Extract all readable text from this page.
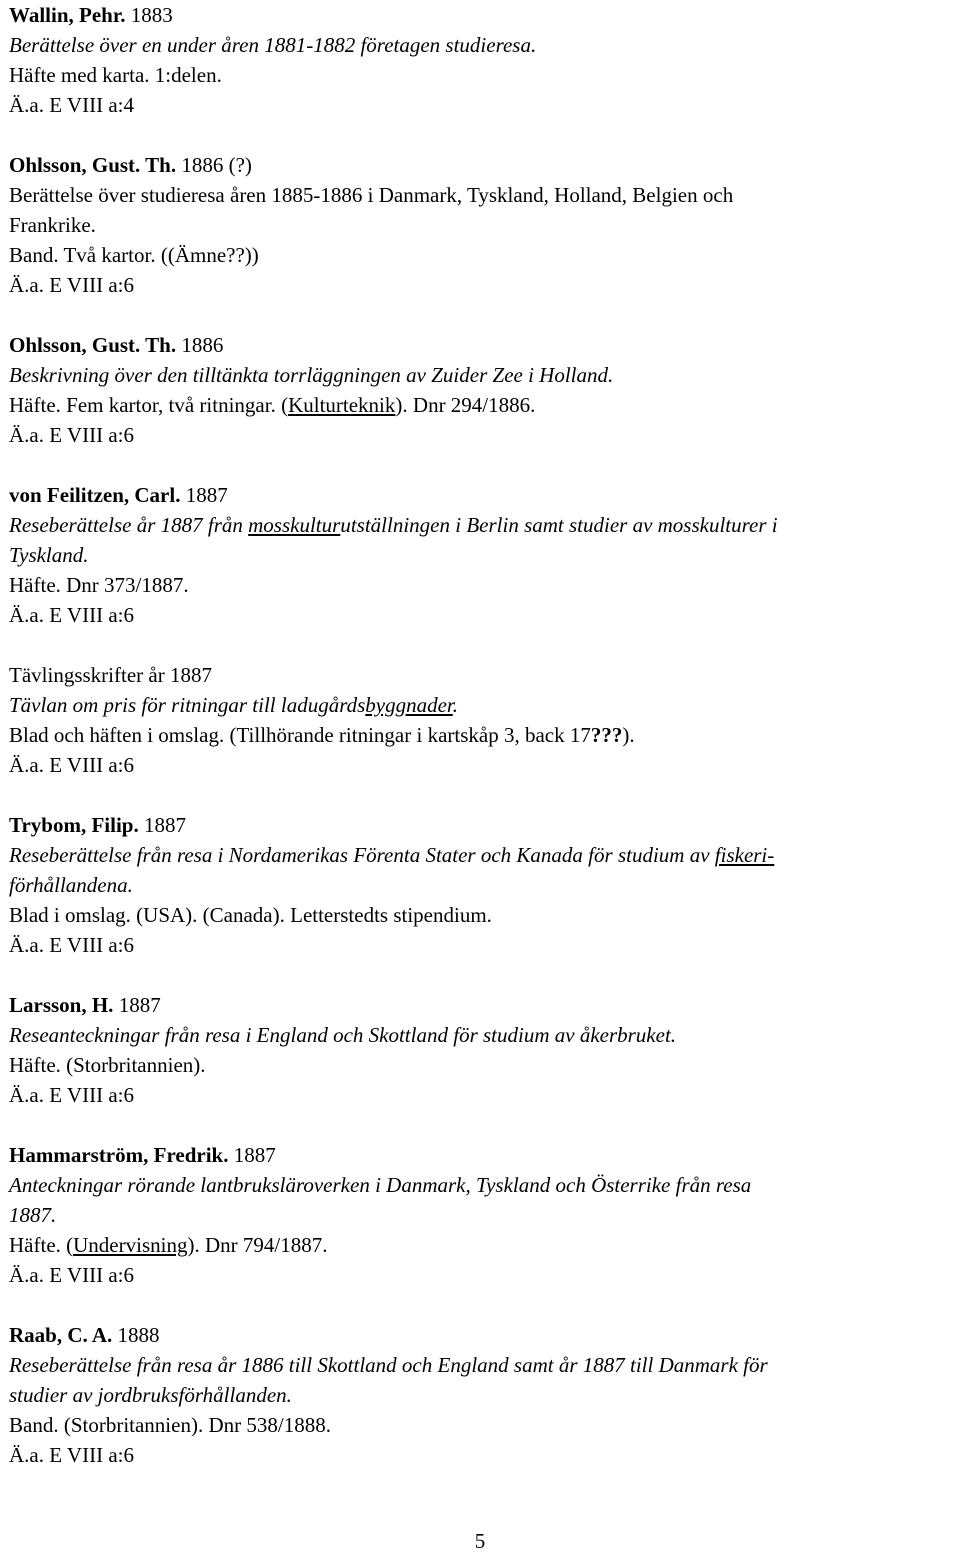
Wallin, Pehr. 1883
Berättelse över en under åren 1881-1882 företagen studieresa.
Häfte med karta. 1:delen.
Ä.a. E VIII a:4
Ohlsson, Gust. Th. 1886 (?)
Berättelse över studieresa åren 1885-1886 i Danmark, Tyskland, Holland, Belgien och
Frankrike.
Band. Två kartor. ((Ämne??))
Ä.a. E VIII a:6
Ohlsson, Gust. Th. 1886
Beskrivning över den tilltänkta torrläggningen av Zuider Zee i Holland.
Häfte. Fem kartor, två ritningar. (Kulturteknik). Dnr 294/1886.
Ä.a. E VIII a:6
von Feilitzen, Carl. 1887
Reseberättelse år 1887 från mosskulturutställningen i Berlin samt studier av mosskulturer i
Tyskland.
Häfte. Dnr 373/1887.
Ä.a. E VIII a:6
Tävlingsskrifter år 1887
Tävlan om pris för ritningar till ladugårdsbyggnader.
Blad och häften i omslag. (Tillhörande ritningar i kartskåp 3, back 17???).
Ä.a. E VIII a:6
Trybom, Filip. 1887
Reseberättelse från resa i Nordamerikas Förenta Stater och Kanada för studium av fiskeri-
förhållandena.
Blad i omslag. (USA). (Canada). Letterstedts stipendium.
Ä.a. E VIII a:6
Larsson, H. 1887
Reseanteckningar från resa i England och Skottland för studium av åkerbruket.
Häfte. (Storbritannien).
Ä.a. E VIII a:6
Hammarström, Fredrik. 1887
Anteckningar rörande lantbruksläroverken i Danmark, Tyskland och Österrike från resa
1887.
Häfte. (Undervisning). Dnr 794/1887.
Ä.a. E VIII a:6
Raab, C. A. 1888
Reseberättelse från resa år 1886 till Skottland och England samt år 1887 till Danmark för
studier av jordbruksförhållanden.
Band. (Storbritannien). Dnr 538/1888.
Ä.a. E VIII a:6
5
